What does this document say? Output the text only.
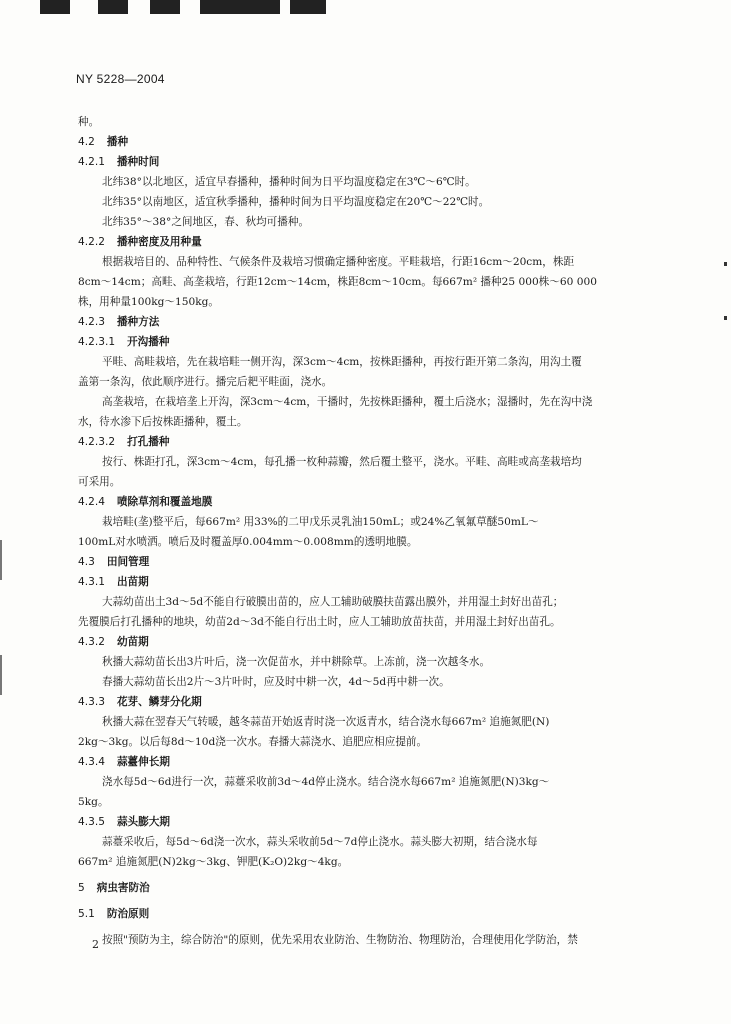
NY 5228—2004
种。
4.2 播种
4.2.1 播种时间
北纬38°以北地区，适宜早春播种，播种时间为日平均温度稳定在3℃～6℃时。
北纬35°以南地区，适宜秋季播种，播种时间为日平均温度稳定在20℃～22℃时。
北纬35°～38°之间地区，春、秋均可播种。
4.2.2 播种密度及用种量
根据栽培目的、品种特性、气候条件及栽培习惯确定播种密度。平畦栽培，行距16cm～20cm，株距
8cm～14cm；高畦、高垄栽培，行距12cm～14cm，株距8cm～10cm。每667m² 播种25 000株～60 000
株，用种量100kg～150kg。
4.2.3 播种方法
4.2.3.1 开沟播种
平畦、高畦栽培，先在栽培畦一侧开沟，深3cm～4cm，按株距播种，再按行距开第二条沟，用沟土覆
盖第一条沟，依此顺序进行。播完后耙平畦面，浇水。
高垄栽培，在栽培垄上开沟，深3cm～4cm，干播时，先按株距播种，覆土后浇水；湿播时，先在沟中浇
水，待水渗下后按株距播种，覆土。
4.2.3.2 打孔播种
按行、株距打孔，深3cm～4cm，每孔播一枚种蒜瓣，然后覆土整平，浇水。平畦、高畦或高垄栽培均
可采用。
4.2.4 喷除草剂和覆盖地膜
栽培畦(垄)整平后，每667m² 用33%的二甲戊乐灵乳油150mL；或24%乙氧氟草醚50mL～
100mL对水喷洒。喷后及时覆盖厚0.004mm～0.008mm的透明地膜。
4.3 田间管理
4.3.1 出苗期
大蒜幼苗出土3d～5d不能自行破膜出苗的，应人工辅助破膜扶苗露出膜外，并用湿土封好出苗孔；
先覆膜后打孔播种的地块，幼苗2d～3d不能自行出土时，应人工辅助放苗扶苗，并用湿土封好出苗孔。
4.3.2 幼苗期
秋播大蒜幼苗长出3片叶后，浇一次促苗水，并中耕除草。上冻前，浇一次越冬水。
春播大蒜幼苗长出2片～3片叶时，应及时中耕一次，4d～5d再中耕一次。
4.3.3 花芽、鳞芽分化期
秋播大蒜在翌春天气转暖，越冬蒜苗开始返青时浇一次返青水，结合浇水每667m² 追施氮肥(N)
2kg～3kg。以后每8d～10d浇一次水。春播大蒜浇水、追肥应相应提前。
4.3.4 蒜薹伸长期
浇水每5d～6d进行一次，蒜薹采收前3d～4d停止浇水。结合浇水每667m² 追施氮肥(N)3kg～
5kg。
4.3.5 蒜头膨大期
蒜薹采收后，每5d～6d浇一次水，蒜头采收前5d～7d停止浇水。蒜头膨大初期，结合浇水每
667m² 追施氮肥(N)2kg～3kg、钾肥(K₂O)2kg～4kg。
5 病虫害防治
5.1 防治原则
按照"预防为主，综合防治"的原则，优先采用农业防治、生物防治、物理防治，合理使用化学防治，禁
2
